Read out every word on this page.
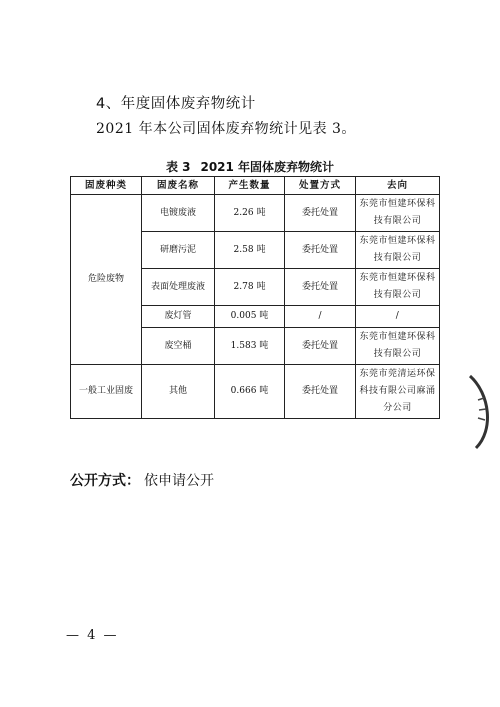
4、年度固体废弃物统计
2021 年本公司固体废弃物统计见表 3。
表 3 2021 年固体废弃物统计
固废种类	固废名称	产生数量	处置方式	去向
危险废物	电镀废液	2.26 吨	委托处置	东莞市恒建环保科技有限公司
	研磨污泥	2.58 吨	委托处置	东莞市恒建环保科技有限公司
	表面处理废液	2.78 吨	委托处置	东莞市恒建环保科技有限公司
	废灯管	0.005 吨	/	/
	废空桶	1.583 吨	委托处置	东莞市恒建环保科技有限公司
一般工业固废	其他	0.666 吨	委托处置	东莞市莞清运环保科技有限公司麻涌分公司
公开方式： 依申请公开
— 4 —
